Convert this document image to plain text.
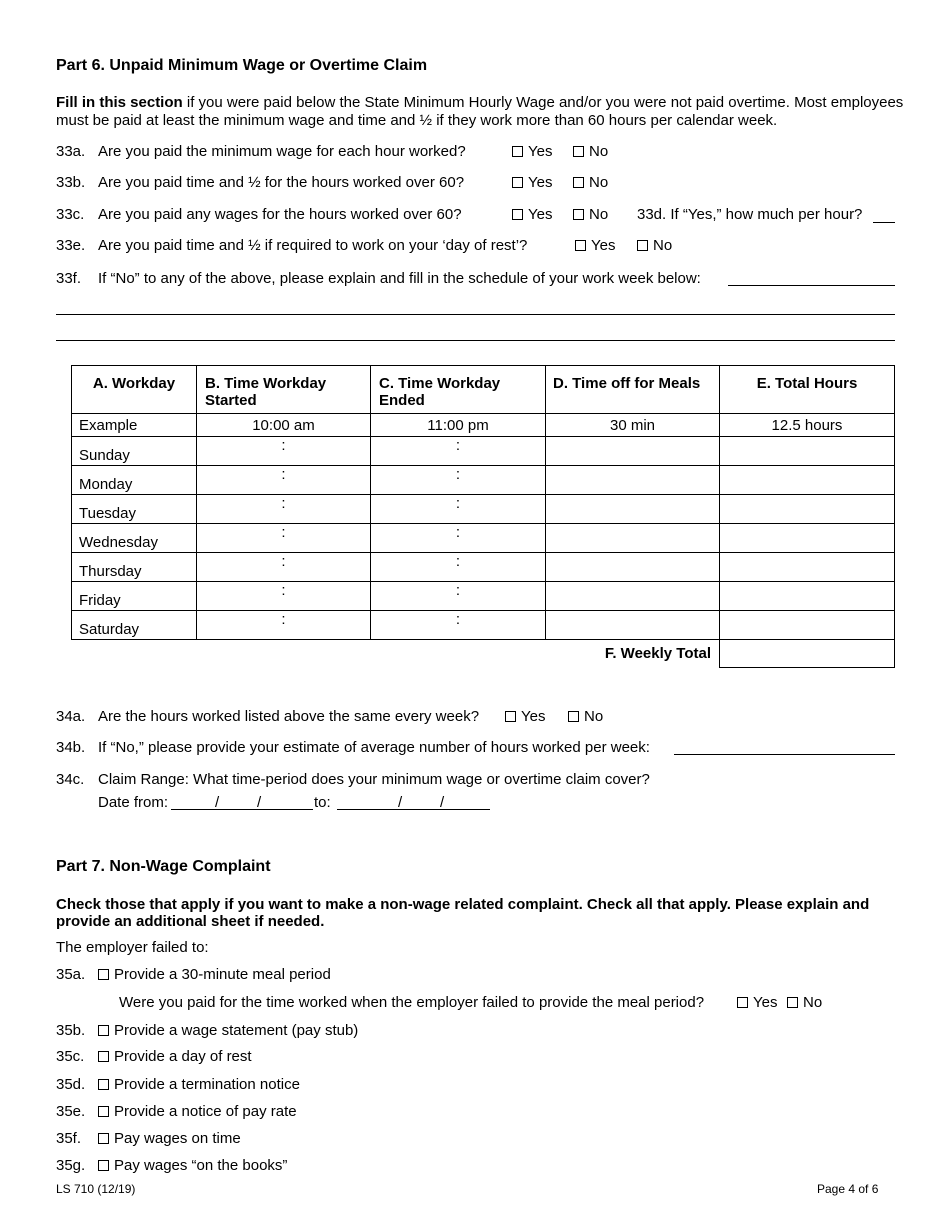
Part 6. Unpaid Minimum Wage or Overtime Claim
Fill in this section if you were paid below the State Minimum Hourly Wage and/or you were not paid overtime. Most employees must be paid at least the minimum wage and time and ½ if they work more than 60 hours per calendar week.
33a. Are you paid the minimum wage for each hour worked?	Yes	No
33b. Are you paid time and ½ for the hours worked over 60?	Yes	No
33c. Are you paid any wages for the hours worked over 60?	Yes	No 33d. If “Yes,” how much per hour?
33e. Are you paid time and ½ if required to work on your ‘day of rest’?	Yes	No
33f. If “No” to any of the above, please explain and fill in the schedule of your work week below:
A. Workday	B. Time Workday Started	C. Time Workday Ended	D. Time off for Meals	E. Total Hours
Example	10:00 am	11:00 pm	30 min	12.5 hours
Sunday	:	:		
Monday	:	:		
Tuesday	:	:		
Wednesday	:	:		
Thursday	:	:		
Friday	:	:		
Saturday	:	:		
F. Weekly Total				
34a. Are the hours worked listed above the same every week?	Yes	No
34b. If “No,” please provide your estimate of average number of hours worked per week:
34c. Claim Range: What time-period does your minimum wage or overtime claim cover?
Date from:	/	/	to:	/	/
Part 7. Non-Wage Complaint
Check those that apply if you want to make a non-wage related complaint. Check all that apply. Please explain and provide an additional sheet if needed.
The employer failed to:
35a.	Provide a 30-minute meal period
Were you paid for the time worked when the employer failed to provide the meal period?	Yes	No
35b.	Provide a wage statement (pay stub)
35c.	Provide a day of rest
35d.	Provide a termination notice
35e.	Provide a notice of pay rate
35f.	Pay wages on time
35g.	Pay wages “on the books”
LS 710 (12/19)	Page 4 of 6
